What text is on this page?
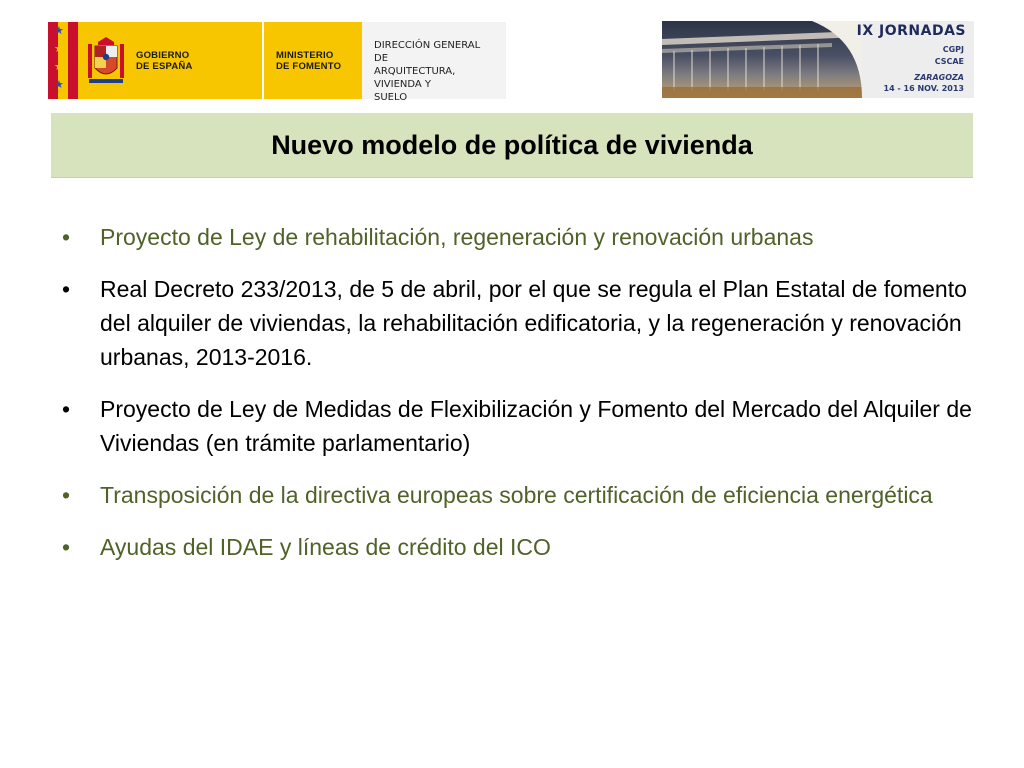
★
★
★
★
GOBIERNO
DE ESPAÑA
MINISTERIO
DE FOMENTO
DIRECCIÓN GENERAL DE
ARQUITECTURA, VIVIENDA Y
SUELO
IX JORNADAS
CGPJ
CSCAE
ZARAGOZA
14 - 16 NOV. 2013
Nuevo modelo de política de vivienda
•	Proyecto de Ley de rehabilitación, regeneración y renovación urbanas
•	Real Decreto 233/2013, de 5 de abril, por el que se regula el Plan Estatal de fomento del alquiler de viviendas, la rehabilitación edificatoria, y la regeneración y renovación urbanas, 2013-2016.
•	Proyecto de Ley de Medidas de Flexibilización y Fomento del Mercado del Alquiler de Viviendas (en trámite parlamentario)
•	Transposición de la directiva europeas sobre certificación de eficiencia energética
•	Ayudas del IDAE y líneas de crédito del ICO
